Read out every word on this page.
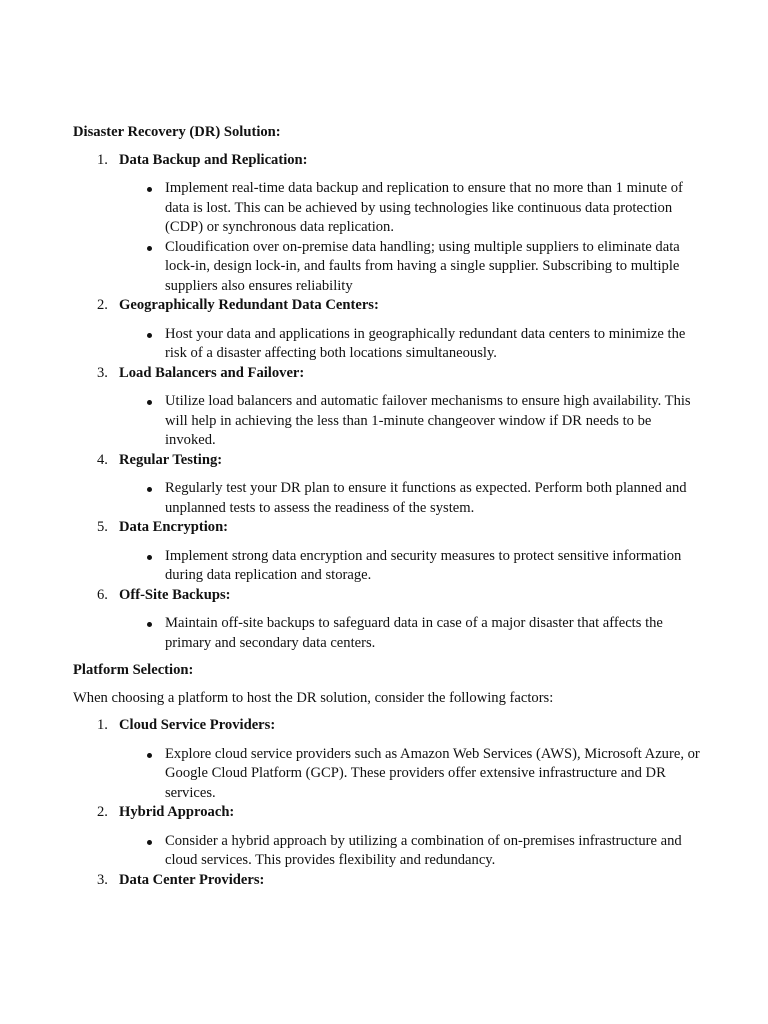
Disaster Recovery (DR) Solution:

1. Data Backup and Replication:
Implement real-time data backup and replication to ensure that no more than 1 minute of data is lost. This can be achieved by using technologies like continuous data protection (CDP) or synchronous data replication.
Cloudification over on-premise data handling; using multiple suppliers to eliminate data lock-in, design lock-in, and faults from having a single supplier. Subscribing to multiple suppliers also ensures reliability
2. Geographically Redundant Data Centers:
Host your data and applications in geographically redundant data centers to minimize the risk of a disaster affecting both locations simultaneously.
3. Load Balancers and Failover:
Utilize load balancers and automatic failover mechanisms to ensure high availability. This will help in achieving the less than 1-minute changeover window if DR needs to be invoked.
4. Regular Testing:
Regularly test your DR plan to ensure it functions as expected. Perform both planned and unplanned tests to assess the readiness of the system.
5. Data Encryption:
Implement strong data encryption and security measures to protect sensitive information during data replication and storage.
6. Off-Site Backups:
Maintain off-site backups to safeguard data in case of a major disaster that affects the primary and secondary data centers.

Platform Selection:

When choosing a platform to host the DR solution, consider the following factors:

1. Cloud Service Providers:
Explore cloud service providers such as Amazon Web Services (AWS), Microsoft Azure, or Google Cloud Platform (GCP). These providers offer extensive infrastructure and DR services.
2. Hybrid Approach:
Consider a hybrid approach by utilizing a combination of on-premises infrastructure and cloud services. This provides flexibility and redundancy.
3. Data Center Providers:
